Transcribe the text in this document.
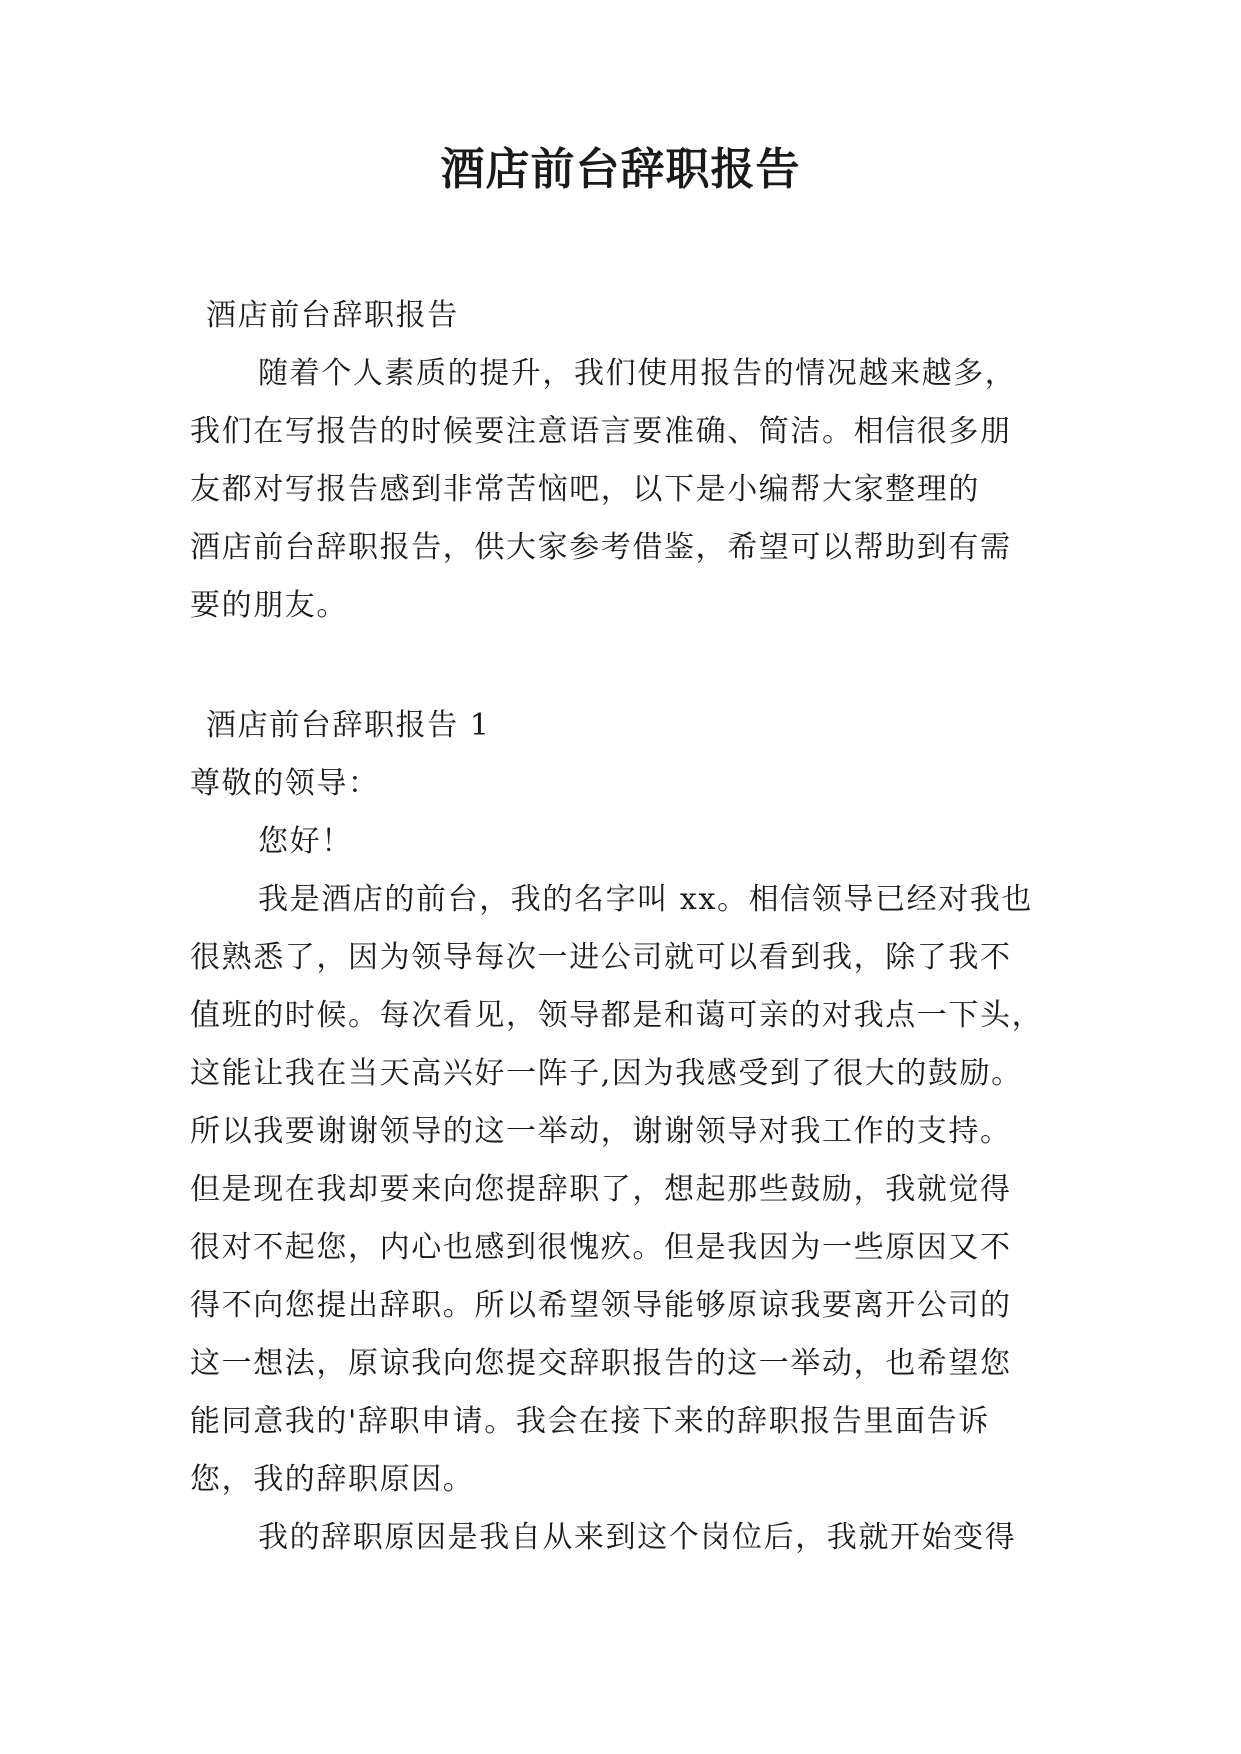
酒店前台辞职报告
酒店前台辞职报告
随着个人素质的提升，我们使用报告的情况越来越多，
我们在写报告的时候要注意语言要准确、简洁。相信很多朋
友都对写报告感到非常苦恼吧，以下是小编帮大家整理的
酒店前台辞职报告，供大家参考借鉴，希望可以帮助到有需
要的朋友。
酒店前台辞职报告 1
尊敬的领导：
您好！
我是酒店的前台，我的名字叫 xx。相信领导已经对我也
很熟悉了，因为领导每次一进公司就可以看到我，除了我不
值班的时候。每次看见，领导都是和蔼可亲的对我点一下头，
这能让我在当天高兴好一阵子,因为我感受到了很大的鼓励。
所以我要谢谢领导的这一举动，谢谢领导对我工作的支持。
但是现在我却要来向您提辞职了，想起那些鼓励，我就觉得
很对不起您，内心也感到很愧疚。但是我因为一些原因又不
得不向您提出辞职。所以希望领导能够原谅我要离开公司的
这一想法，原谅我向您提交辞职报告的这一举动，也希望您
能同意我的'辞职申请。我会在接下来的辞职报告里面告诉
您，我的辞职原因。
我的辞职原因是我自从来到这个岗位后，我就开始变得
